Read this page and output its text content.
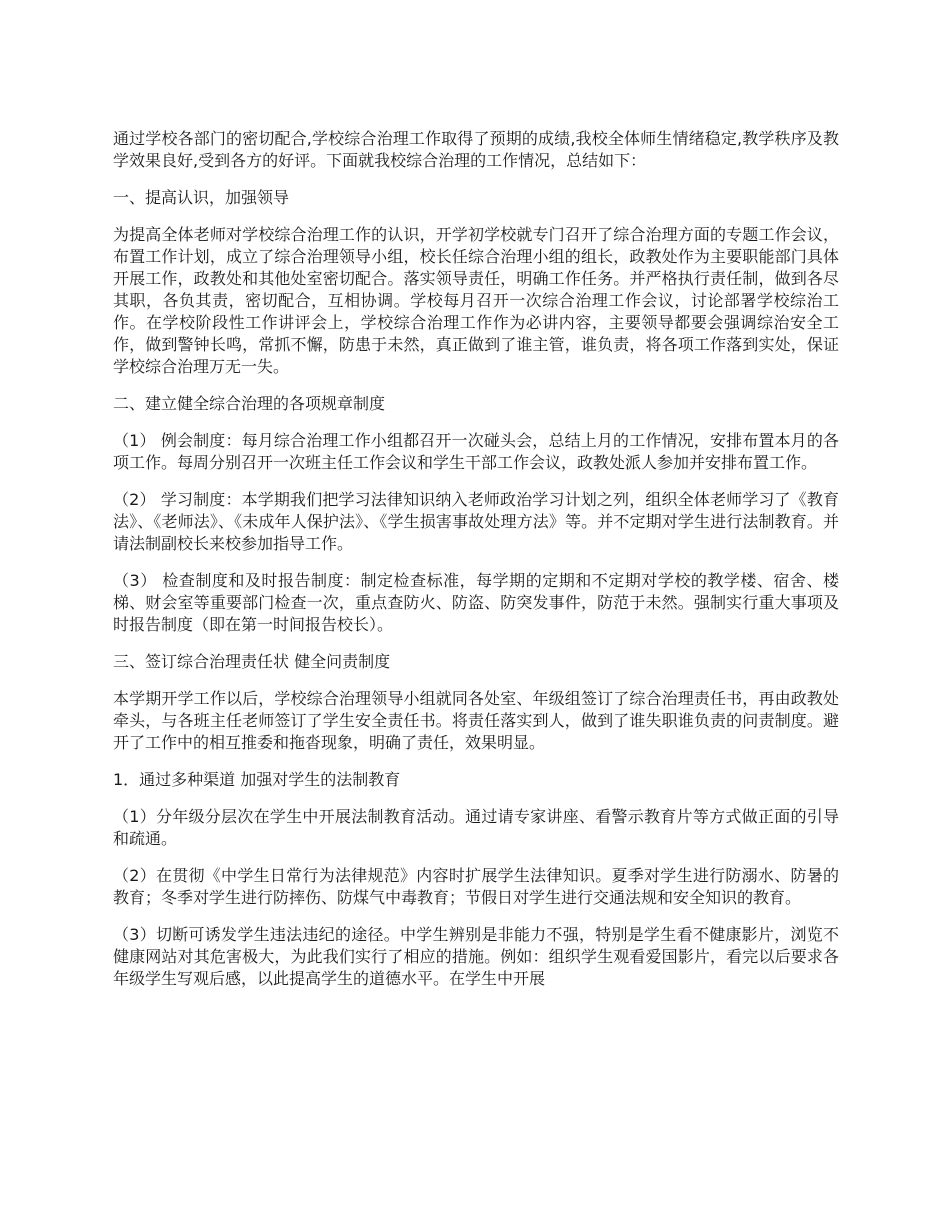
通过学校各部门的密切配合,学校综合治理工作取得了预期的成绩,我校全体师生情绪稳定,教学秩序及教学效果良好,受到各方的好评。下面就我校综合治理的工作情况，总结如下：

一、提高认识，加强领导

为提高全体老师对学校综合治理工作的认识，开学初学校就专门召开了综合治理方面的专题工作会议，布置工作计划，成立了综合治理领导小组，校长任综合治理小组的组长，政教处作为主要职能部门具体开展工作，政教处和其他处室密切配合。落实领导责任，明确工作任务。并严格执行责任制，做到各尽其职，各负其责，密切配合，互相协调。学校每月召开一次综合治理工作会议，讨论部署学校综治工作。在学校阶段性工作讲评会上，学校综合治理工作作为必讲内容，主要领导都要会强调综治安全工作，做到警钟长鸣，常抓不懈，防患于未然，真正做到了谁主管，谁负责，将各项工作落到实处，保证学校综合治理万无一失。

二、建立健全综合治理的各项规章制度

（1） 例会制度：每月综合治理工作小组都召开一次碰头会，总结上月的工作情况，安排布置本月的各项工作。每周分别召开一次班主任工作会议和学生干部工作会议，政教处派人参加并安排布置工作。

（2） 学习制度：本学期我们把学习法律知识纳入老师政治学习计划之列，组织全体老师学习了《教育法》、《老师法》、《未成年人保护法》、《学生损害事故处理方法》等。并不定期对学生进行法制教育。并请法制副校长来校参加指导工作。

（3） 检查制度和及时报告制度：制定检查标准，每学期的定期和不定期对学校的教学楼、宿舍、楼梯、财会室等重要部门检查一次，重点查防火、防盗、防突发事件，防范于未然。强制实行重大事项及时报告制度（即在第一时间报告校长）。

三、签订综合治理责任状 健全问责制度

本学期开学工作以后，学校综合治理领导小组就同各处室、年级组签订了综合治理责任书，再由政教处牵头，与各班主任老师签订了学生安全责任书。将责任落实到人，做到了谁失职谁负责的问责制度。避开了工作中的相互推委和拖沓现象，明确了责任，效果明显。

1．通过多种渠道 加强对学生的法制教育

（1）分年级分层次在学生中开展法制教育活动。通过请专家讲座、看警示教育片等方式做正面的引导和疏通。

（2）在贯彻《中学生日常行为法律规范》内容时扩展学生法律知识。夏季对学生进行防溺水、防暑的教育；冬季对学生进行防摔伤、防煤气中毒教育；节假日对学生进行交通法规和安全知识的教育。

（3）切断可诱发学生违法违纪的途径。中学生辨别是非能力不强，特别是学生看不健康影片，浏览不健康网站对其危害极大，为此我们实行了相应的措施。例如：组织学生观看爱国影片，看完以后要求各年级学生写观后感，以此提高学生的道德水平。在学生中开展
